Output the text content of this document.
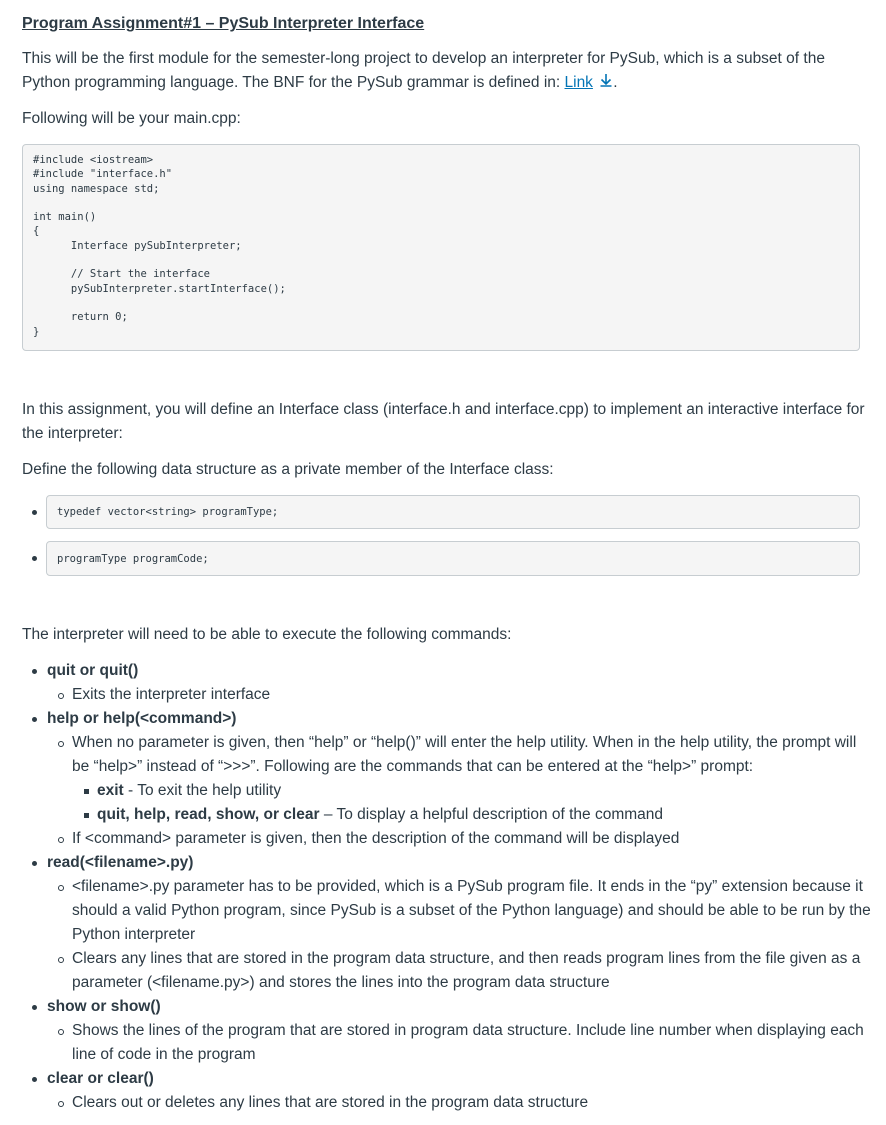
Program Assignment#1 – PySub Interpreter Interface
This will be the first module for the semester-long project to develop an interpreter for PySub, which is a subset of the Python programming language. The BNF for the PySub grammar is defined in: Link .
Following will be your main.cpp:
#include <iostream>
#include "interface.h"
using namespace std;

int main()
{
Interface pySubInterpreter;

// Start the interface
pySubInterpreter.startInterface();

return 0;
}
In this assignment, you will define an Interface class (interface.h and interface.cpp) to implement an interactive interface for the interpreter:
Define the following data structure as a private member of the Interface class:
typedef vector<string> programType;
programType programCode;
The interpreter will need to be able to execute the following commands:
quit or quit()
Exits the interpreter interface
help or help(<command>)
When no parameter is given, then “help” or “help()” will enter the help utility. When in the help utility, the prompt will be “help>” instead of “>>>”. Following are the commands that can be entered at the “help>” prompt:
exit - To exit the help utility
quit, help, read, show, or clear – To display a helpful description of the command
If <command> parameter is given, then the description of the command will be displayed
read(<filename>.py)
<filename>.py parameter has to be provided, which is a PySub program file. It ends in the “py” extension because it should a valid Python program, since PySub is a subset of the Python language) and should be able to be run by the Python interpreter
Clears any lines that are stored in the program data structure, and then reads program lines from the file given as a parameter (<filename.py>) and stores the lines into the program data structure
show or show()
Shows the lines of the program that are stored in program data structure. Include line number when displaying each line of code in the program
clear or clear()
Clears out or deletes any lines that are stored in the program data structure
